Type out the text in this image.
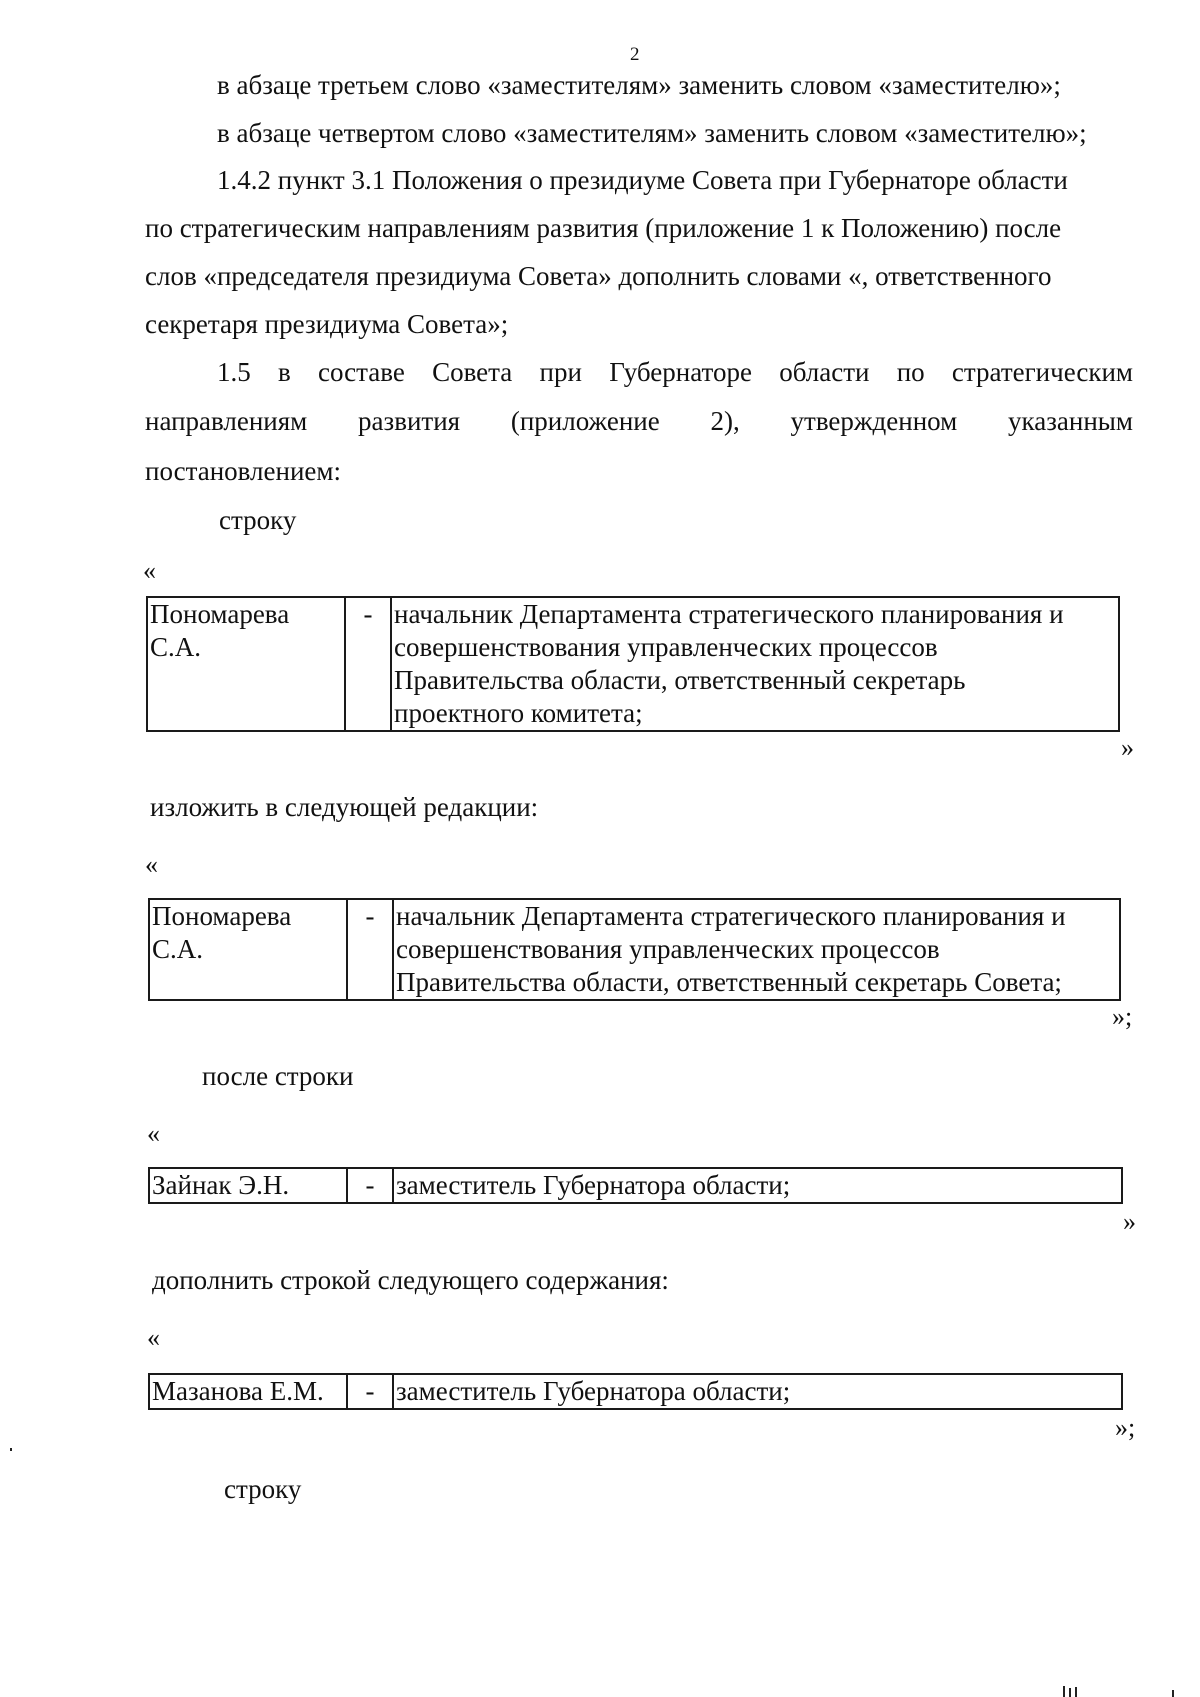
2
в абзаце третьем слово «заместителям» заменить словом «заместителю»;
в абзаце четвертом слово «заместителям» заменить словом «заместителю»;
1.4.2 пункт 3.1 Положения о президиуме Совета при Губернаторе области
по стратегическим направлениям развития (приложение 1 к Положению) после
слов «председателя президиума Совета» дополнить словами «, ответственного
секретаря президиума Совета»;
1.5 в составе Совета при Губернаторе области по стратегическим
направлениям развития (приложение 2), утвержденном указанным
постановлением:
строку
«
Пономарева
С.А.	-	начальник Департамента стратегического планирования и
совершенствования управленческих процессов
Правительства области, ответственный секретарь
проектного комитета;
»
изложить в следующей редакции:
«
Пономарева
С.А.	-	начальник Департамента стратегического планирования и
совершенствования управленческих процессов
Правительства области, ответственный секретарь Совета;
»;
после строки
«
Зайнак Э.Н.	-	заместитель Губернатора области;
»
дополнить строкой следующего содержания:
«
Мазанова Е.М.	-	заместитель Губернатора области;
»;
строку
